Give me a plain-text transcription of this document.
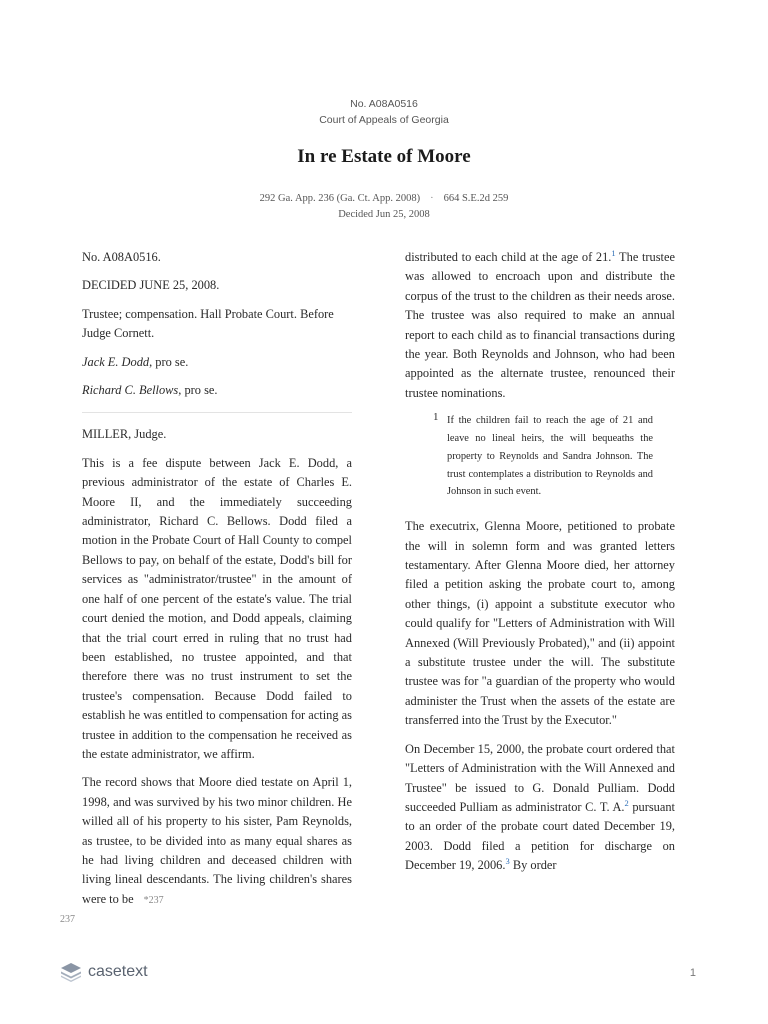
No. A08A0516
Court of Appeals of Georgia
In re Estate of Moore
292 Ga. App. 236 (Ga. Ct. App. 2008) · 664 S.E.2d 259
Decided Jun 25, 2008

No. A08A0516.

DECIDED JUNE 25, 2008.

Trustee; compensation. Hall Probate Court. Before Judge Cornett.

Jack E. Dodd, pro se.

Richard C. Bellows, pro se.

MILLER, Judge.

This is a fee dispute between Jack E. Dodd, a previous administrator of the estate of Charles E. Moore II, and the immediately succeeding administrator, Richard C. Bellows. Dodd filed a motion in the Probate Court of Hall County to compel Bellows to pay, on behalf of the estate, Dodd's bill for services as "administrator/trustee" in the amount of one half of one percent of the estate's value. The trial court denied the motion, and Dodd appeals, claiming that the trial court erred in ruling that no trust had been established, no trustee appointed, and that therefore there was no trust instrument to set the trustee's compensation. Because Dodd failed to establish he was entitled to compensation for acting as trustee in addition to the compensation he received as the estate administrator, we affirm.

The record shows that Moore died testate on April 1, 1998, and was survived by his two minor children. He willed all of his property to his sister, Pam Reynolds, as trustee, to be divided into as many equal shares as he had living children and deceased children with living lineal descendants. The living children's shares were to be *237

237

distributed to each child at the age of 21.$^1$ The trustee was allowed to encroach upon and distribute the corpus of the trust to the children as their needs arose. The trustee was also required to make an annual report to each child as to financial transactions during the year. Both Reynolds and Johnson, who had been appointed as the alternate trustee, renounced their trustee nominations.

1 If the children fail to reach the age of 21 and leave no lineal heirs, the will bequeaths the property to Reynolds and Sandra Johnson. The trust contemplates a distribution to Reynolds and Johnson in such event.

The executrix, Glenna Moore, petitioned to probate the will in solemn form and was granted letters testamentary. After Glenna Moore died, her attorney filed a petition asking the probate court to, among other things, (i) appoint a substitute executor who could qualify for "Letters of Administration with Will Annexed (Will Previously Probated)," and (ii) appoint a substitute trustee under the will. The substitute trustee was for "a guardian of the property who would administer the Trust when the assets of the estate are transferred into the Trust by the Executor."

On December 15, 2000, the probate court ordered that "Letters of Administration with the Will Annexed and Trustee" be issued to G. Donald Pulliam. Dodd succeeded Pulliam as administrator C. T. A.$^2$ pursuant to an order of the probate court dated December 19, 2003. Dodd filed a petition for discharge on December 19, 2006.$^3$ By order

casetext	1
